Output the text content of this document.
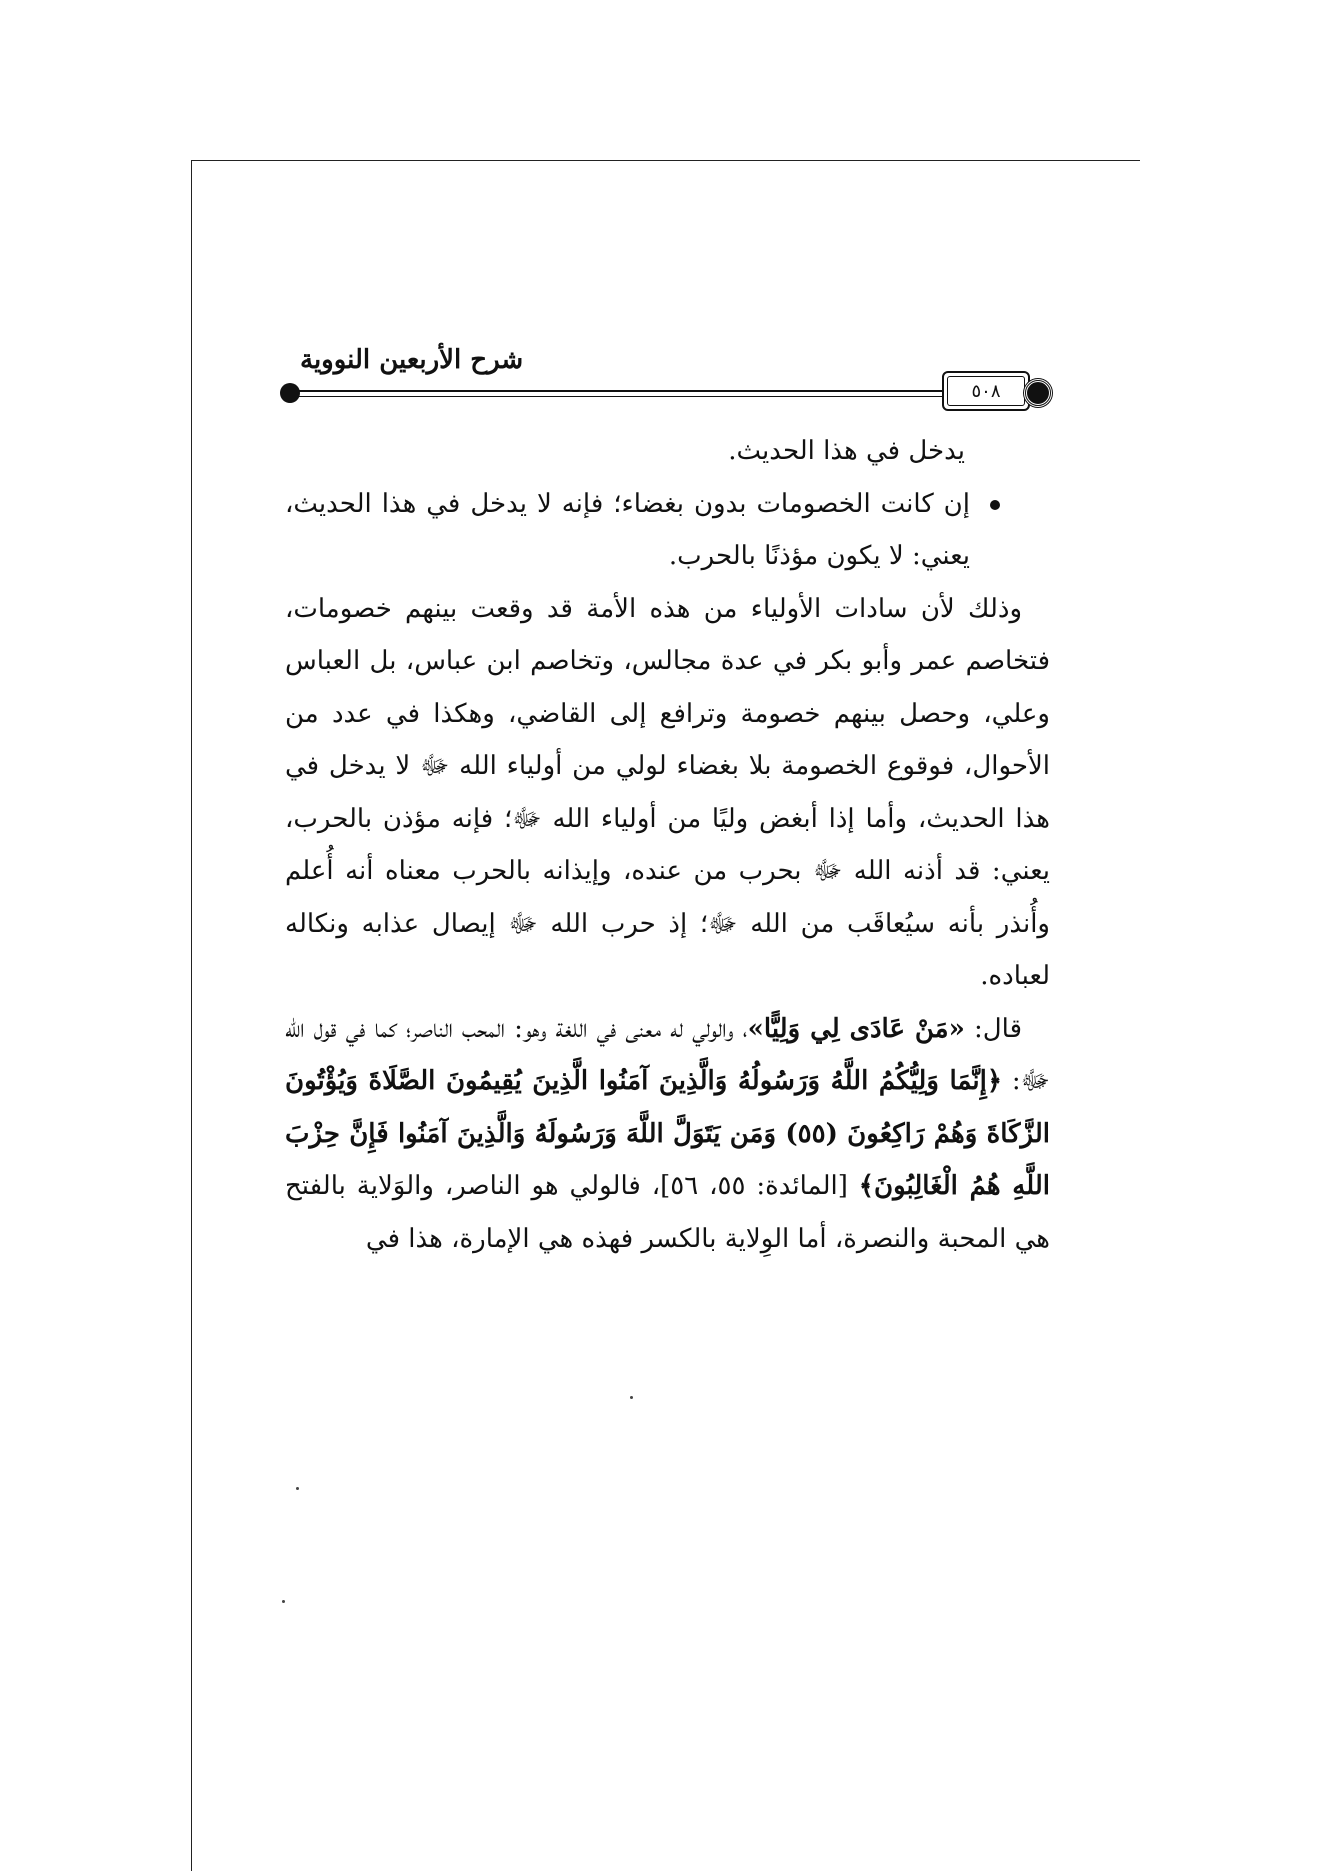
شرح الأربعين النووية
٥٠٨

يدخل في هذا الحديث.

إن كانت الخصومات بدون بغضاء؛ فإنه لا يدخل في هذا الحديث، يعني: لا يكون مؤذنًا بالحرب.

وذلك لأن سادات الأولياء من هذه الأمة قد وقعت بينهم خصومات، فتخاصم عمر وأبو بكر في عدة مجالس، وتخاصم ابن عباس، بل العباس وعلي، وحصل بينهم خصومة وترافع إلى القاضي، وهكذا في عدد من الأحوال، فوقوع الخصومة بلا بغضاء لولي من أولياء الله ﷻ لا يدخل في هذا الحديث، وأما إذا أبغض وليًا من أولياء الله ﷻ؛ فإنه مؤذن بالحرب، يعني: قد أذنه الله ﷻ بحرب من عنده، وإيذانه بالحرب معناه أنه أُعلم وأُنذر بأنه سيُعاقَب من الله ﷻ؛ إذ حرب الله ﷻ إيصال عذابه ونكاله لعباده.

قال: «مَنْ عَادَى لِي وَلِيًّا»، والولي له معنى في اللغة وهو: المحب الناصر؛ كما في قول الله ﷻ: ﴿إِنَّمَا وَلِيُّكُمُ اللَّهُ وَرَسُولُهُ وَالَّذِينَ آمَنُوا الَّذِينَ يُقِيمُونَ الصَّلَاةَ وَيُؤْتُونَ الزَّكَاةَ وَهُمْ رَاكِعُونَ (٥٥) وَمَن يَتَوَلَّ اللَّهَ وَرَسُولَهُ وَالَّذِينَ آمَنُوا فَإِنَّ حِزْبَ اللَّهِ هُمُ الْغَالِبُونَ﴾ [المائدة: ٥٥، ٥٦]، فالولي هو الناصر، والوَلاية بالفتح هي المحبة والنصرة، أما الوِلاية بالكسر فهذه هي الإمارة، هذا في
